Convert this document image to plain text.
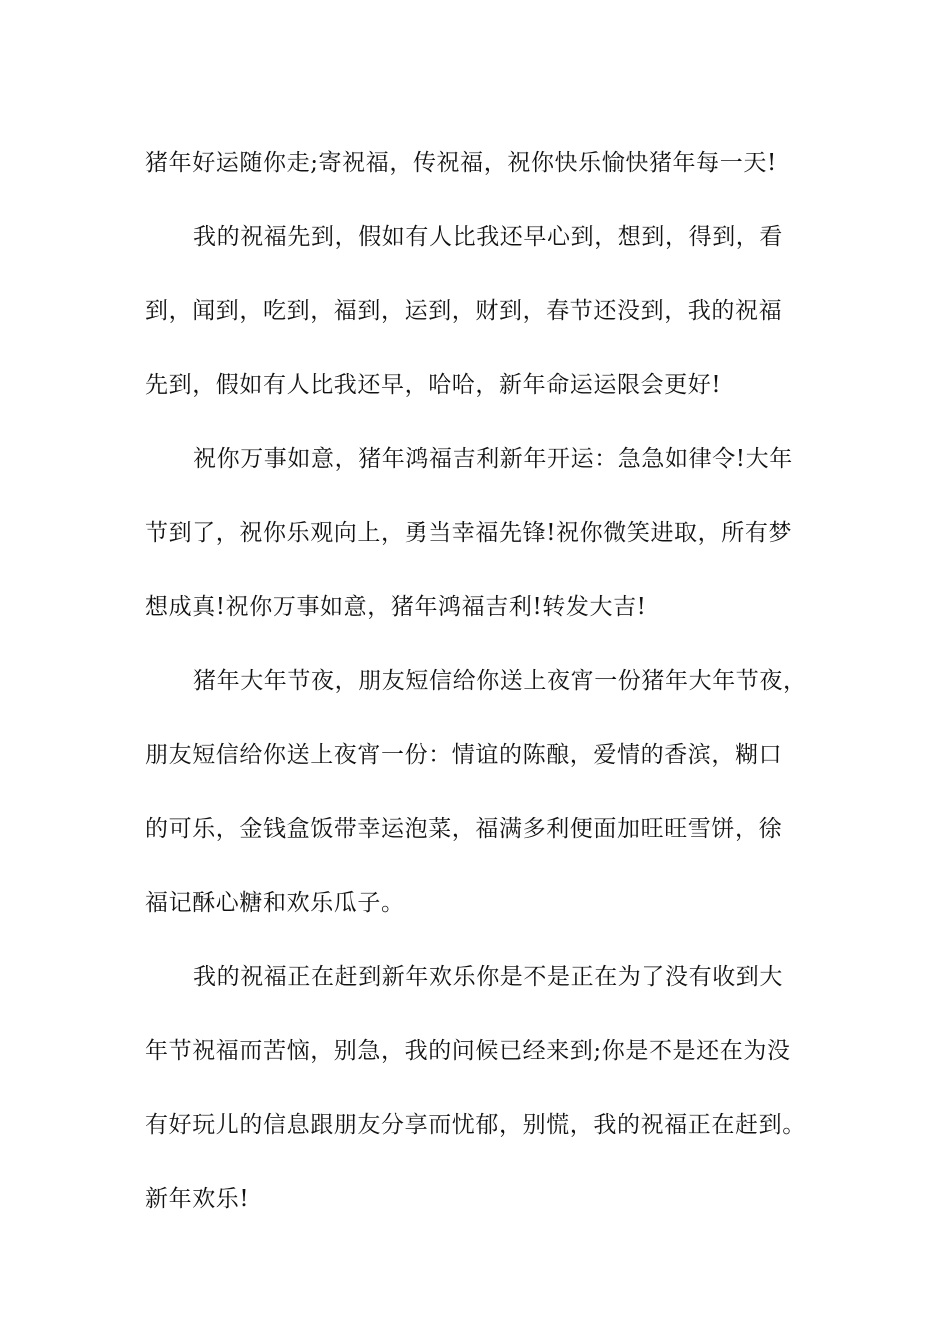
猪年好运随你走;寄祝福，传祝福，祝你快乐愉快猪年每一天!
我的祝福先到，假如有人比我还早心到，想到，得到，看
到，闻到，吃到，福到，运到，财到，春节还没到，我的祝福
先到，假如有人比我还早，哈哈，新年命运运限会更好!
祝你万事如意，猪年鸿福吉利新年开运：急急如律令!大年
节到了，祝你乐观向上，勇当幸福先锋!祝你微笑进取，所有梦
想成真!祝你万事如意，猪年鸿福吉利!转发大吉!
猪年大年节夜，朋友短信给你送上夜宵一份猪年大年节夜，
朋友短信给你送上夜宵一份：情谊的陈酿，爱情的香滨，糊口
的可乐，金钱盒饭带幸运泡菜，福满多利便面加旺旺雪饼，徐
福记酥心糖和欢乐瓜子。
我的祝福正在赶到新年欢乐你是不是正在为了没有收到大
年节祝福而苦恼，别急，我的问候已经来到;你是不是还在为没
有好玩儿的信息跟朋友分享而忧郁，别慌，我的祝福正在赶到。
新年欢乐!
